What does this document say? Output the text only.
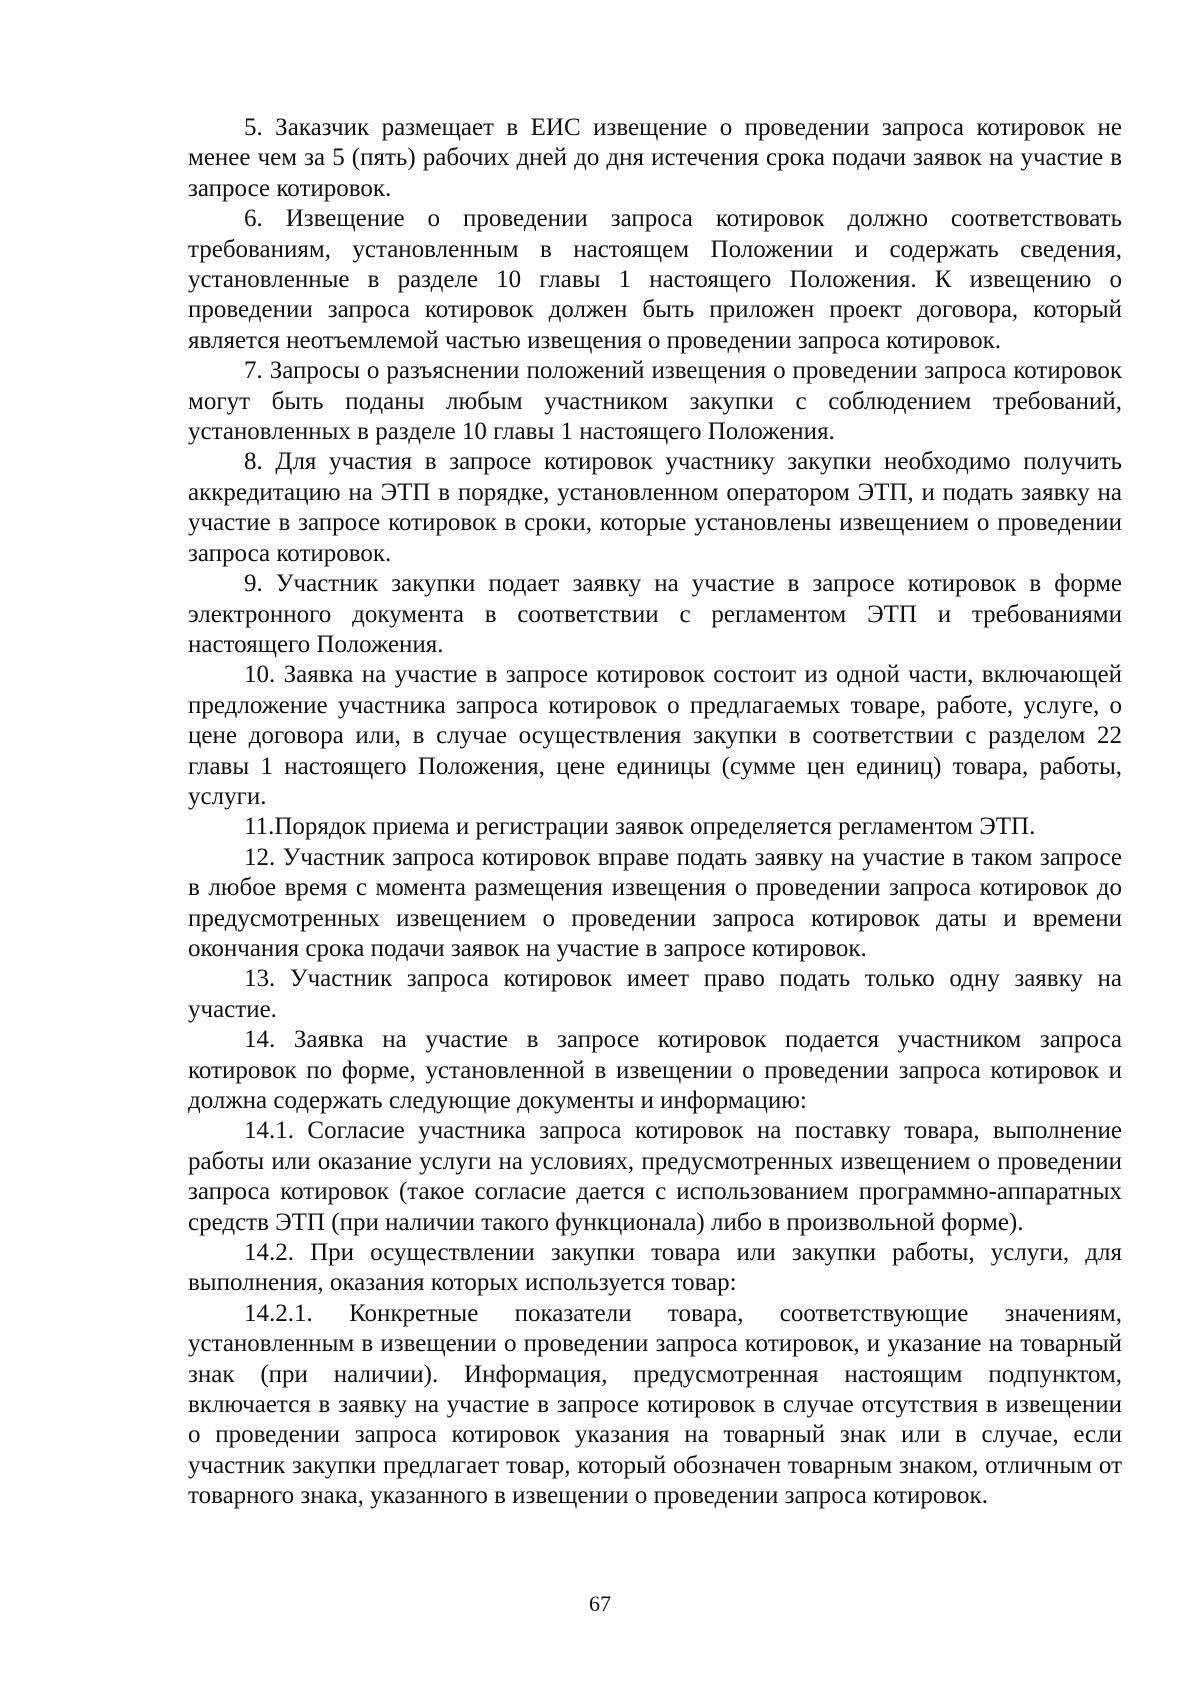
5. Заказчик размещает в ЕИС извещение о проведении запроса котировок не менее чем за 5 (пять) рабочих дней до дня истечения срока подачи заявок на участие в запросе котировок.

6. Извещение о проведении запроса котировок должно соответствовать требованиям, установленным в настоящем Положении и содержать сведения, установленные в разделе 10 главы 1 настоящего Положения. К извещению о проведении запроса котировок должен быть приложен проект договора, который является неотъемлемой частью извещения о проведении запроса котировок.

7. Запросы о разъяснении положений извещения о проведении запроса котировок могут быть поданы любым участником закупки с соблюдением требований, установленных в разделе 10 главы 1 настоящего Положения.

8. Для участия в запросе котировок участнику закупки необходимо получить аккредитацию на ЭТП в порядке, установленном оператором ЭТП, и подать заявку на участие в запросе котировок в сроки, которые установлены извещением о проведении запроса котировок.

9. Участник закупки подает заявку на участие в запросе котировок в форме электронного документа в соответствии с регламентом ЭТП и требованиями настоящего Положения.

10. Заявка на участие в запросе котировок состоит из одной части, включающей предложение участника запроса котировок о предлагаемых товаре, работе, услуге, о цене договора или, в случае осуществления закупки в соответствии с разделом 22 главы 1 настоящего Положения, цене единицы (сумме цен единиц) товара, работы, услуги.

11.Порядок приема и регистрации заявок определяется регламентом ЭТП.

12. Участник запроса котировок вправе подать заявку на участие в таком запросе в любое время с момента размещения извещения о проведении запроса котировок до предусмотренных извещением о проведении запроса котировок даты и времени окончания срока подачи заявок на участие в запросе котировок.

13. Участник запроса котировок имеет право подать только одну заявку на участие.

14. Заявка на участие в запросе котировок подается участником запроса котировок по форме, установленной в извещении о проведении запроса котировок и должна содержать следующие документы и информацию:

14.1. Согласие участника запроса котировок на поставку товара, выполнение работы или оказание услуги на условиях, предусмотренных извещением о проведении запроса котировок (такое согласие дается с использованием программно-аппаратных средств ЭТП (при наличии такого функционала) либо в произвольной форме).

14.2. При осуществлении закупки товара или закупки работы, услуги, для выполнения, оказания которых используется товар:

14.2.1. Конкретные показатели товара, соответствующие значениям, установленным в извещении о проведении запроса котировок, и указание на товарный знак (при наличии). Информация, предусмотренная настоящим подпунктом, включается в заявку на участие в запросе котировок в случае отсутствия в извещении о проведении запроса котировок указания на товарный знак или в случае, если участник закупки предлагает товар, который обозначен товарным знаком, отличным от товарного знака, указанного в извещении о проведении запроса котировок.

67
